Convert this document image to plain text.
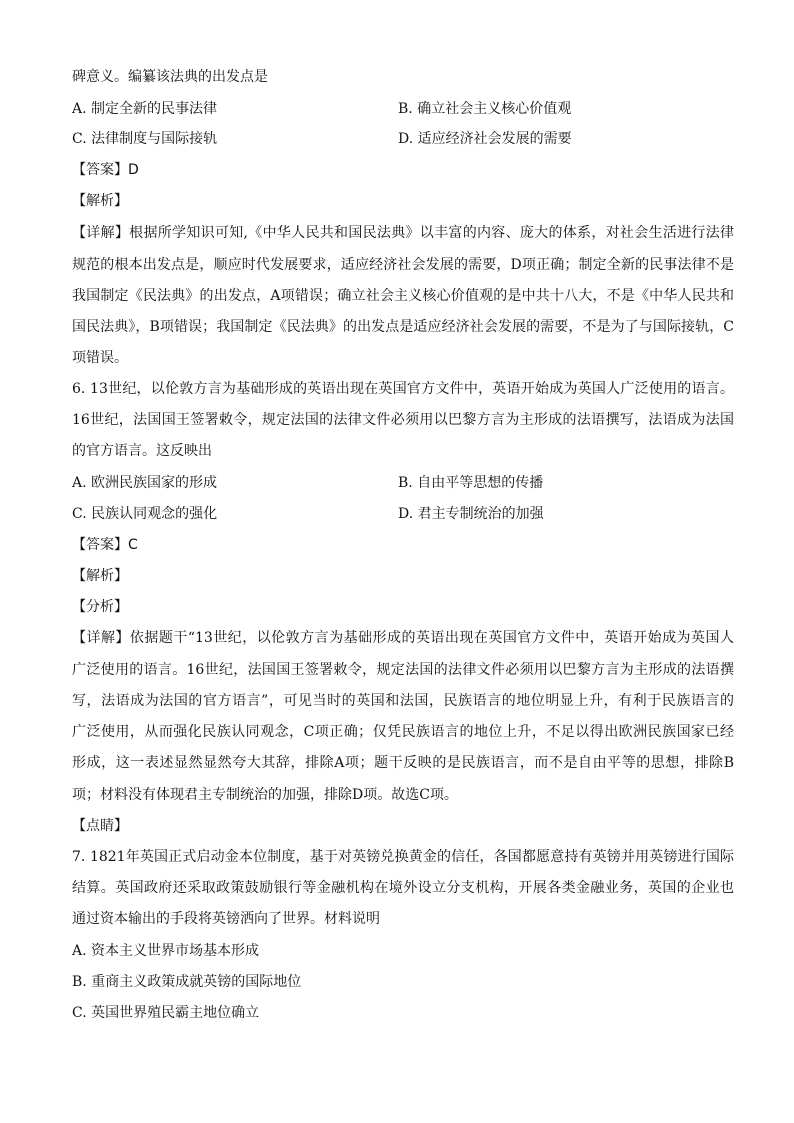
碑意义。编纂该法典的出发点是
A. 制定全新的民事法律	B. 确立社会主义核心价值观
C. 法律制度与国际接轨	D. 适应经济社会发展的需要
【答案】D
【解析】
【详解】根据所学知识可知,《中华人民共和国民法典》以丰富的内容、庞大的体系，对社会生活进行法律
规范的根本出发点是，顺应时代发展要求，适应经济社会发展的需要，D项正确；制定全新的民事法律不是
我国制定《民法典》的出发点，A项错误；确立社会主义核心价值观的是中共十八大，不是《中华人民共和
国民法典》，B项错误；我国制定《民法典》的出发点是适应经济社会发展的需要，不是为了与国际接轨，C
项错误。
6. 13世纪，以伦敦方言为基础形成的英语出现在英国官方文件中，英语开始成为英国人广泛使用的语言。
16世纪，法国国王签署敕令，规定法国的法律文件必须用以巴黎方言为主形成的法语撰写，法语成为法国
的官方语言。这反映出
A. 欧洲民族国家的形成	B. 自由平等思想的传播
C. 民族认同观念的强化	D. 君主专制统治的加强
【答案】C
【解析】
【分析】
【详解】依据题干“13世纪，以伦敦方言为基础形成的英语出现在英国官方文件中，英语开始成为英国人
广泛使用的语言。16世纪，法国国王签署敕令，规定法国的法律文件必须用以巴黎方言为主形成的法语撰
写，法语成为法国的官方语言”，可见当时的英国和法国，民族语言的地位明显上升，有利于民族语言的
广泛使用，从而强化民族认同观念，C项正确；仅凭民族语言的地位上升，不足以得出欧洲民族国家已经
形成，这一表述显然显然夸大其辞，排除A项；题干反映的是民族语言，而不是自由平等的思想，排除B
项；材料没有体现君主专制统治的加强，排除D项。故选C项。
【点睛】
7. 1821年英国正式启动金本位制度，基于对英镑兑换黄金的信任，各国都愿意持有英镑并用英镑进行国际
结算。英国政府还采取政策鼓励银行等金融机构在境外设立分支机构，开展各类金融业务，英国的企业也
通过资本输出的手段将英镑洒向了世界。材料说明
A. 资本主义世界市场基本形成
B. 重商主义政策成就英镑的国际地位
C. 英国世界殖民霸主地位确立
